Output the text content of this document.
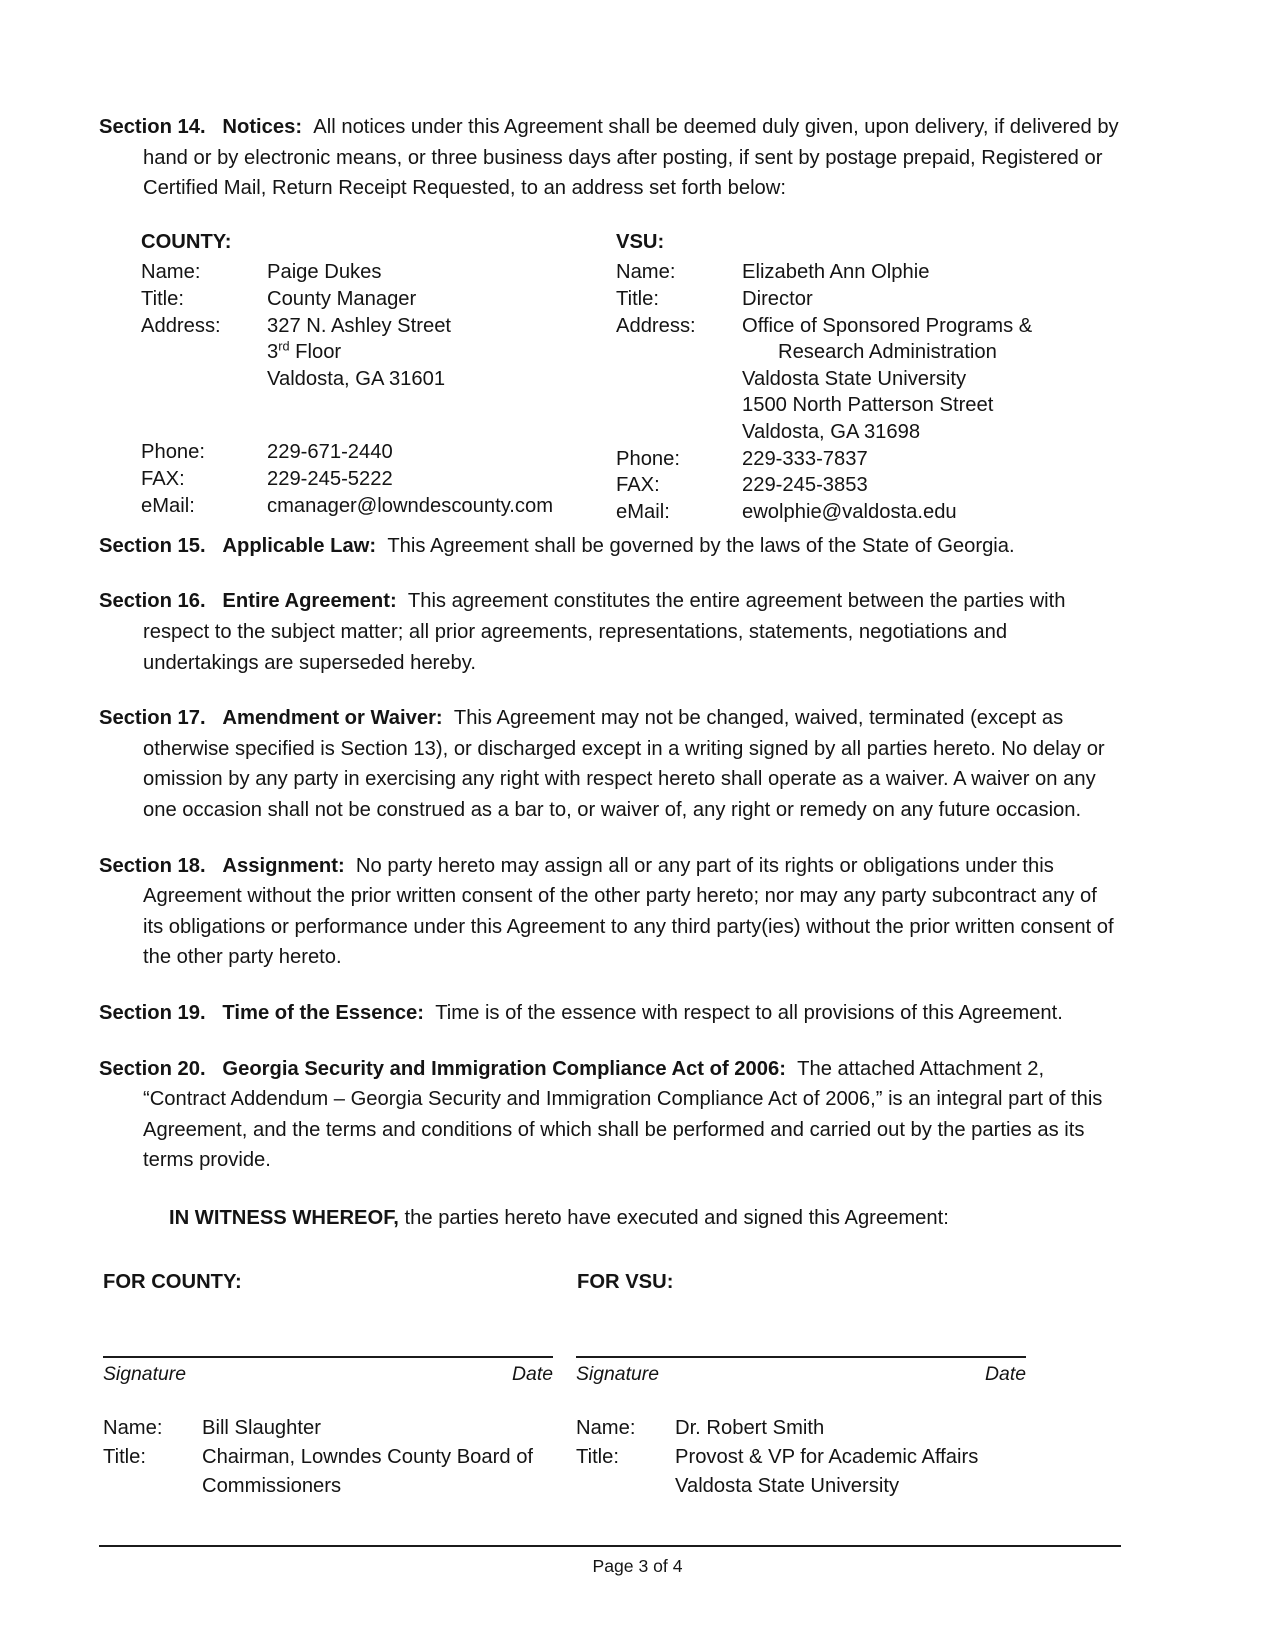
Section 14. Notices: All notices under this Agreement shall be deemed duly given, upon delivery, if delivered by hand or by electronic means, or three business days after posting, if sent by postage prepaid, Registered or Certified Mail, Return Receipt Requested, to an address set forth below:

COUNTY:
Name:	Paige Dukes
Title:	County Manager
Address:	327 N. Ashley Street

3rd Floor

Valdosta, GA 31601
Phone:	229-671-2440
FAX:	229-245-5222
eMail:	cmanager@lowndescounty.com
VSU:
Name:	Elizabeth Ann Olphie
Title:	Director
Address:	Office of Sponsored Programs &

Research Administration

Valdosta State University

1500 North Patterson Street

Valdosta, GA 31698
Phone:	229-333-7837
FAX:	229-245-3853
eMail:	ewolphie@valdosta.edu

Section 15. Applicable Law: This Agreement shall be governed by the laws of the State of Georgia.

Section 16. Entire Agreement: This agreement constitutes the entire agreement between the parties with respect to the subject matter; all prior agreements, representations, statements, negotiations and undertakings are superseded hereby.

Section 17. Amendment or Waiver: This Agreement may not be changed, waived, terminated (except as otherwise specified is Section 13), or discharged except in a writing signed by all parties hereto. No delay or omission by any party in exercising any right with respect hereto shall operate as a waiver. A waiver on any one occasion shall not be construed as a bar to, or waiver of, any right or remedy on any future occasion.

Section 18. Assignment: No party hereto may assign all or any part of its rights or obligations under this Agreement without the prior written consent of the other party hereto; nor may any party subcontract any of its obligations or performance under this Agreement to any third party(ies) without the prior written consent of the other party hereto.

Section 19. Time of the Essence: Time is of the essence with respect to all provisions of this Agreement.

Section 20. Georgia Security and Immigration Compliance Act of 2006: The attached Attachment 2, “Contract Addendum – Georgia Security and Immigration Compliance Act of 2006,” is an integral part of this Agreement, and the terms and conditions of which shall be performed and carried out by the parties as its terms provide.

IN WITNESS WHEREOF, the parties hereto have executed and signed this Agreement:

FOR COUNTY:	FOR VSU:
Signature	Date
Name:	Bill Slaughter
Title:	Chairman, Lowndes County Board of
Commissioners
Signature	Date
Name:	Dr. Robert Smith
Title:	Provost & VP for Academic Affairs
Valdosta State University
Page 3 of 4
